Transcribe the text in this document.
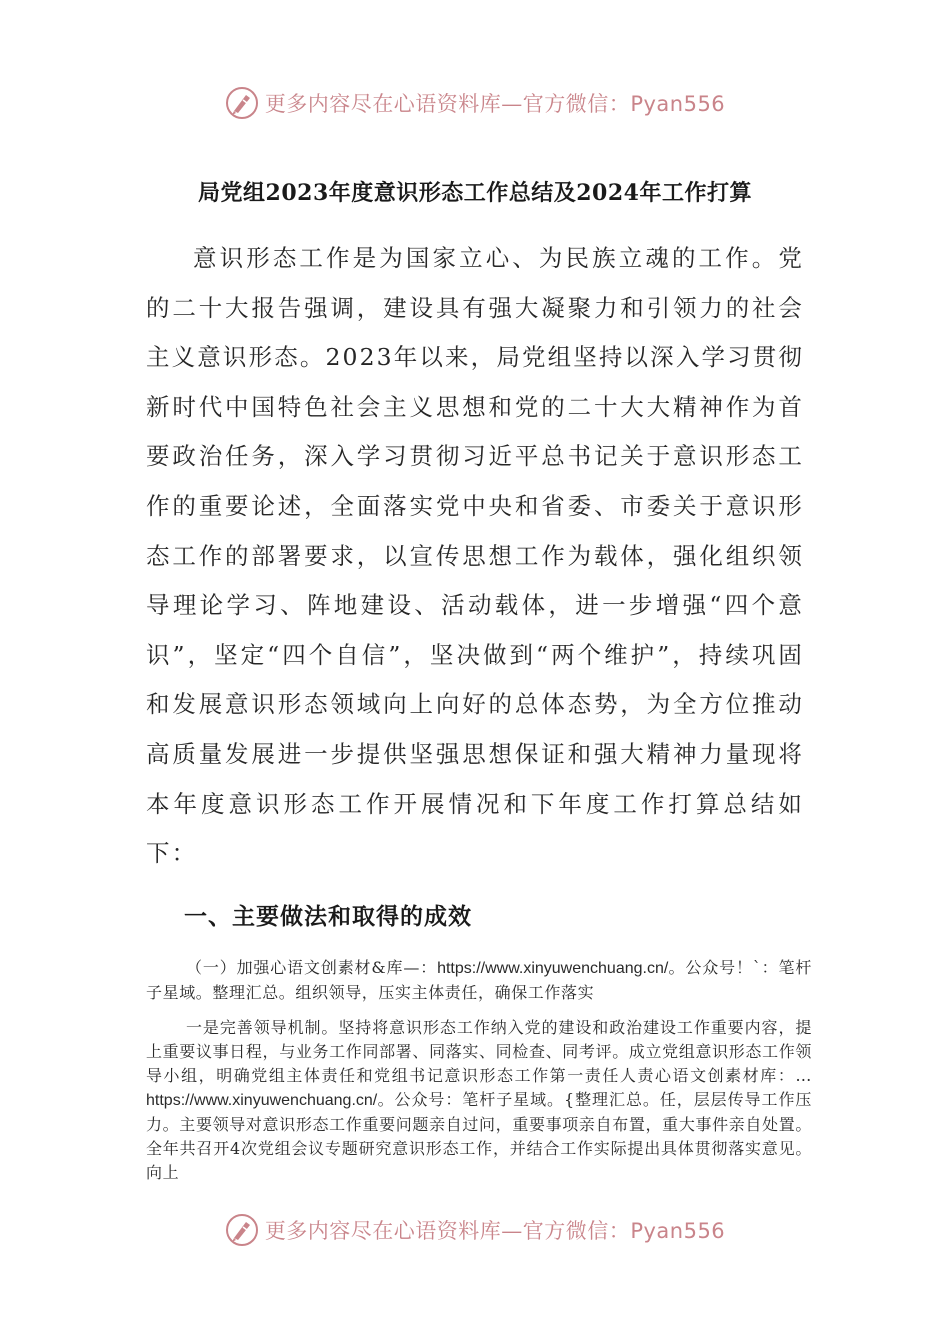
更多内容尽在心语资料库—官方微信：Pyan556
局党组2023年度意识形态工作总结及2024年工作打算

意识形态工作是为国家立心、为民族立魂的工作。党的二十大报告强调，建设具有强大凝聚力和引领力的社会主义意识形态。2023年以来，局党组坚持以深入学习贯彻新时代中国特色社会主义思想和党的二十大大精神作为首要政治任务，深入学习贯彻习近平总书记关于意识形态工作的重要论述，全面落实党中央和省委、市委关于意识形态工作的部署要求，以宣传思想工作为载体，强化组织领导理论学习、阵地建设、活动载体，进一步增强“四个意识”，坚定“四个自信”，坚决做到“两个维护”，持续巩固和发展意识形态领域向上向好的总体态势，为全方位推动高质量发展进一步提供坚强思想保证和强大精神力量现将本年度意识形态工作开展情况和下年度工作打算总结如下：

一、主要做法和取得的成效

（一）加强心语文创素材&库—：https://www.xinyuwenchuang.cn/。公众号！`：笔杆子星域。整理汇总。组织领导，压实主体责任，确保工作落实

一是完善领导机制。坚持将意识形态工作纳入党的建设和政治建设工作重要内容，提上重要议事日程，与业务工作同部署、同落实、同检查、同考评。成立党组意识形态工作领导小组，明确党组主体责任和党组书记意识形态工作第一责任人责心语文创素材库：…https://www.xinyuwenchuang.cn/。公众号：笔杆子星域。{整理汇总。任，层层传导工作压力。主要领导对意识形态工作重要问题亲自过问，重要事项亲自布置，重大事件亲自处置。全年共召开4次党组会议专题研究意识形态工作，并结合工作实际提出具体贯彻落实意见。向上

更多内容尽在心语资料库—官方微信：Pyan556
